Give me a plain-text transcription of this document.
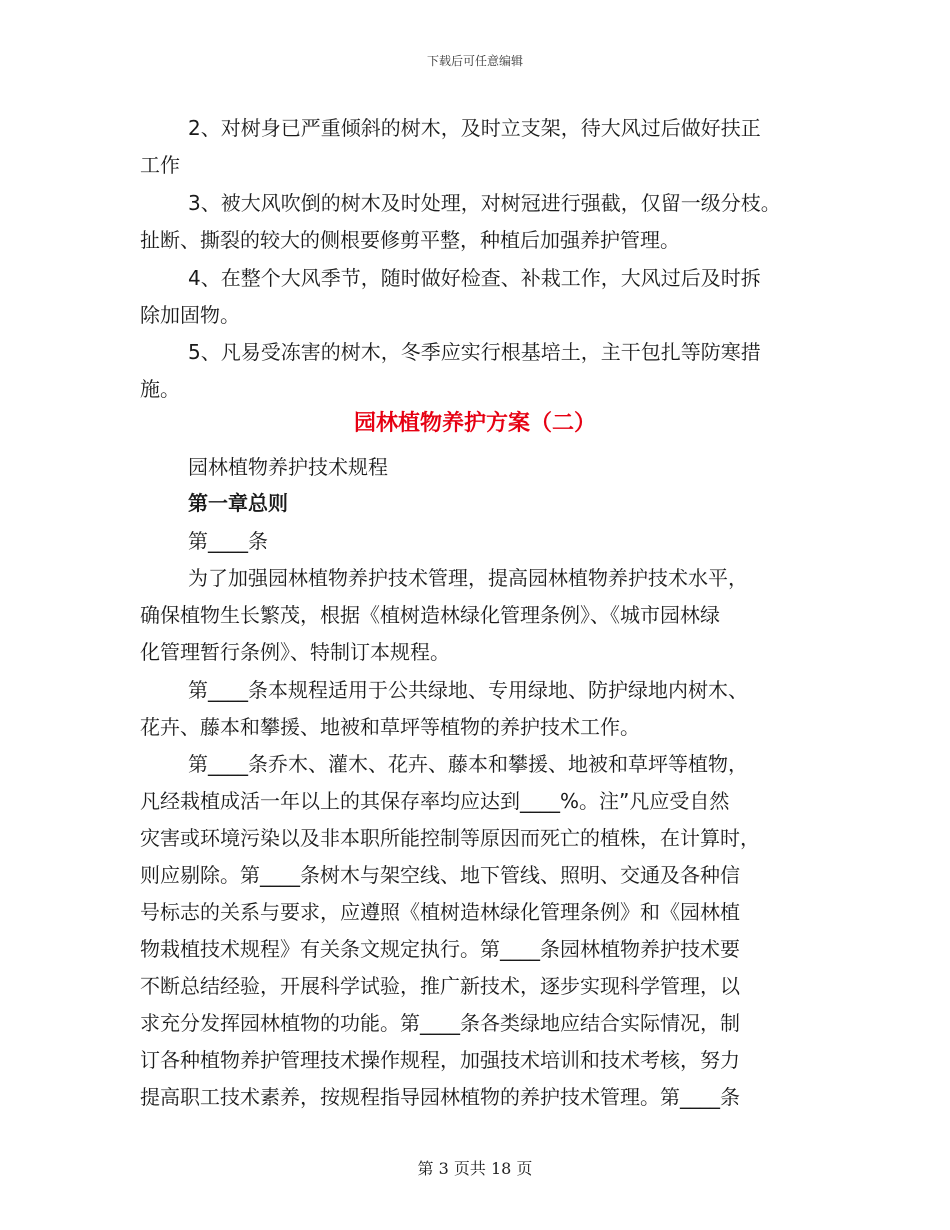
下载后可任意编辑
2、对树身已严重倾斜的树木，及时立支架，待大风过后做好扶正
工作
3、被大风吹倒的树木及时处理，对树冠进行强截，仅留一级分枝。
扯断、撕裂的较大的侧根要修剪平整，种植后加强养护管理。
4、在整个大风季节，随时做好检查、补栽工作，大风过后及时拆
除加固物。
5、凡易受冻害的树木，冬季应实行根基培土，主干包扎等防寒措
施。
园林植物养护方案（二）
园林植物养护技术规程
第一章总则
第____条
为了加强园林植物养护技术管理，提高园林植物养护技术水平，
确保植物生长繁茂，根据《植树造林绿化管理条例》、《城市园林绿
化管理暂行条例》、特制订本规程。
第____条本规程适用于公共绿地、专用绿地、防护绿地内树木、
花卉、藤本和攀援、地被和草坪等植物的养护技术工作。
第____条乔木、灌木、花卉、藤本和攀援、地被和草坪等植物，
凡经栽植成活一年以上的其保存率均应达到____%。注”凡应受自然
灾害或环境污染以及非本职所能控制等原因而死亡的植株，在计算时，
则应剔除。第____条树木与架空线、地下管线、照明、交通及各种信
号标志的关系与要求，应遵照《植树造林绿化管理条例》和《园林植
物栽植技术规程》有关条文规定执行。第____条园林植物养护技术要
不断总结经验，开展科学试验，推广新技术，逐步实现科学管理，以
求充分发挥园林植物的功能。第____条各类绿地应结合实际情况，制
订各种植物养护管理技术操作规程，加强技术培训和技术考核，努力
提高职工技术素养，按规程指导园林植物的养护技术管理。第____条
第 3 页共 18 页
